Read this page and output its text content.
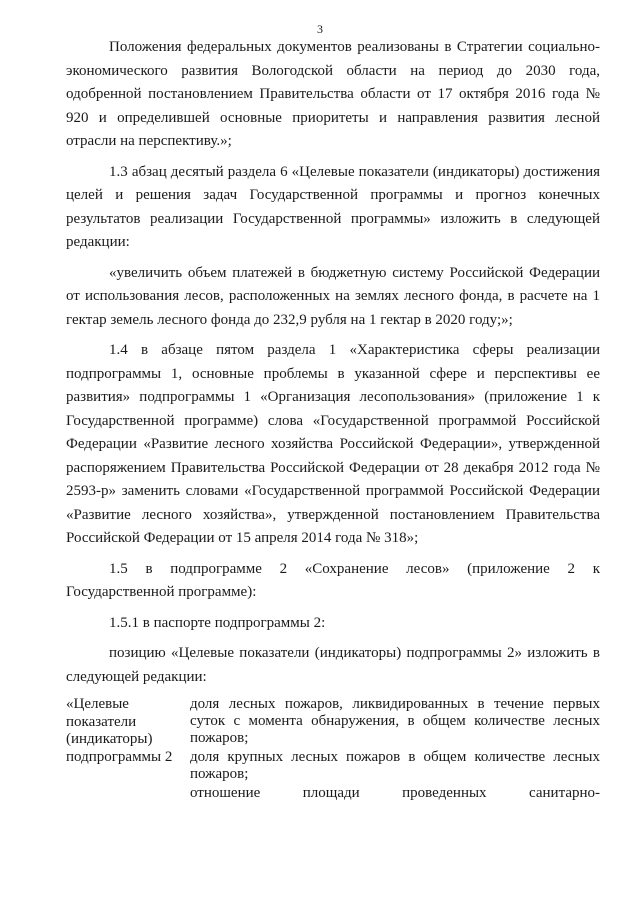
3

Положения федеральных документов реализованы в Стратегии социально-экономического развития Вологодской области на период до 2030 года, одобренной постановлением Правительства области от 17 октября 2016 года № 920 и определившей основные приоритеты и направления развития лесной отрасли на перспективу.»;

1.3 абзац десятый раздела 6 «Целевые показатели (индикаторы) достижения целей и решения задач Государственной программы и прогноз конечных результатов реализации Государственной программы» изложить в следующей редакции:

«увеличить объем платежей в бюджетную систему Российской Федерации от использования лесов, расположенных на землях лесного фонда, в расчете на 1 гектар земель лесного фонда до 232,9 рубля на 1 гектар в 2020 году;»;

1.4 в абзаце пятом раздела 1 «Характеристика сферы реализации подпрограммы 1, основные проблемы в указанной сфере и перспективы ее развития» подпрограммы 1 «Организация лесопользования» (приложение 1 к Государственной программе) слова «Государственной программой Российской Федерации «Развитие лесного хозяйства Российской Федерации», утвержденной распоряжением Правительства Российской Федерации от 28 декабря 2012 года № 2593-р» заменить словами «Государственной программой Российской Федерации «Развитие лесного хозяйства», утвержденной постановлением Правительства Российской Федерации от 15 апреля 2014 года № 318»;

1.5 в подпрограмме 2 «Сохранение лесов» (приложение 2 к Государственной программе):

1.5.1 в паспорте подпрограммы 2:

позицию «Целевые показатели (индикаторы) подпрограммы 2» изложить в следующей редакции:

«Целевые
показатели
(индикаторы)
подпрограммы 2
доля лесных пожаров, ликвидированных в течение первых суток с момента обнаружения, в общем количестве лесных пожаров;
доля крупных лесных пожаров в общем количестве лесных пожаров;
отношение площади проведенных санитарно-
